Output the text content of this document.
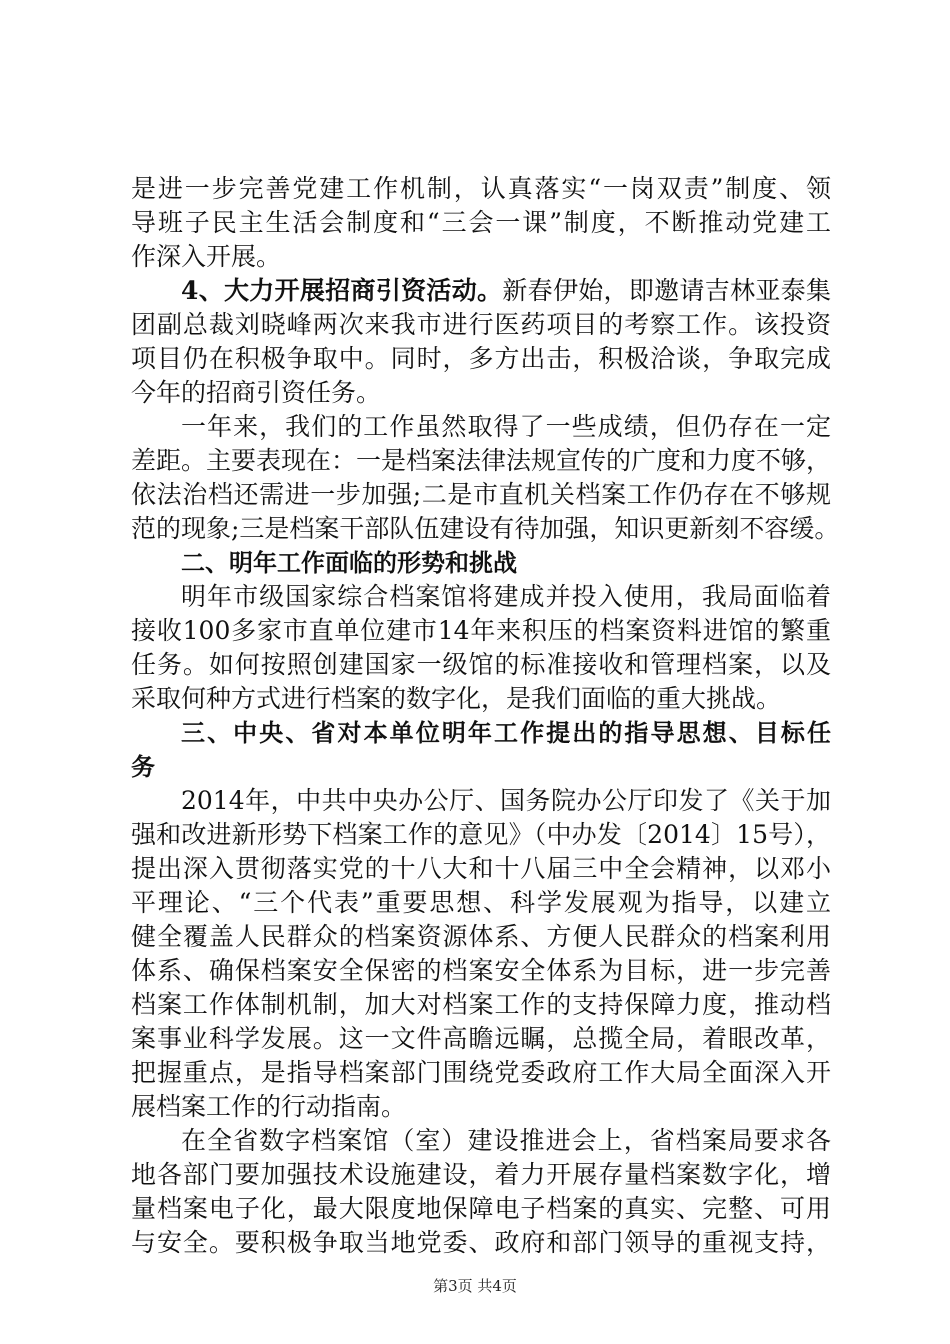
是进一步完善党建工作机制，认真落实“一岗双责”制度、领
导班子民主生活会制度和“三会一课”制度，不断推动党建工
作深入开展。
4、大力开展招商引资活动。新春伊始，即邀请吉林亚泰集
团副总裁刘晓峰两次来我市进行医药项目的考察工作。该投资
项目仍在积极争取中。同时，多方出击，积极洽谈，争取完成
今年的招商引资任务。
一年来，我们的工作虽然取得了一些成绩，但仍存在一定
差距。主要表现在：一是档案法律法规宣传的广度和力度不够，
依法治档还需进一步加强;二是市直机关档案工作仍存在不够规
范的现象;三是档案干部队伍建设有待加强，知识更新刻不容缓。
二、明年工作面临的形势和挑战
明年市级国家综合档案馆将建成并投入使用，我局面临着
接收100多家市直单位建市14年来积压的档案资料进馆的繁重
任务。如何按照创建国家一级馆的标准接收和管理档案，以及
采取何种方式进行档案的数字化，是我们面临的重大挑战。
三、中央、省对本单位明年工作提出的指导思想、目标任
务
2014年，中共中央办公厅、国务院办公厅印发了《关于加
强和改进新形势下档案工作的意见》（中办发〔2014〕15号），
提出深入贯彻落实党的十八大和十八届三中全会精神，以邓小
平理论、“三个代表”重要思想、科学发展观为指导，以建立
健全覆盖人民群众的档案资源体系、方便人民群众的档案利用
体系、确保档案安全保密的档案安全体系为目标，进一步完善
档案工作体制机制，加大对档案工作的支持保障力度，推动档
案事业科学发展。这一文件高瞻远瞩，总揽全局，着眼改革，
把握重点，是指导档案部门围绕党委政府工作大局全面深入开
展档案工作的行动指南。
在全省数字档案馆（室）建设推进会上，省档案局要求各
地各部门要加强技术设施建设，着力开展存量档案数字化，增
量档案电子化，最大限度地保障电子档案的真实、完整、可用
与安全。要积极争取当地党委、政府和部门领导的重视支持，
第3页 共4页
